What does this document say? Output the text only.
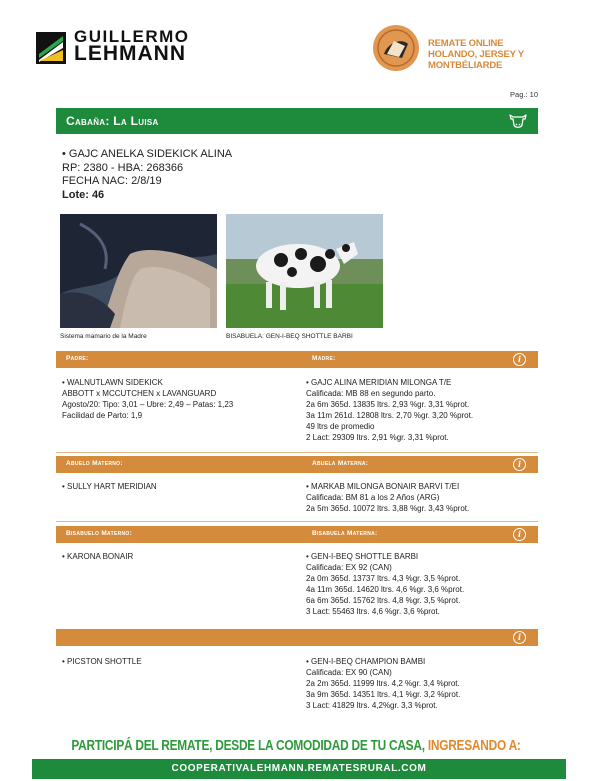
GUILLERMO
LEHMANN	REMATE ONLINE
HOLANDO, JERSEY Y MONTBÉLIARDE
Pag.: 10
Cabaña: La Luisa
• GAJC ANELKA SIDEKICK ALINA
RP: 2380 - HBA: 268366
FECHA NAC: 2/8/19
Lote: 46
Sistema mamario de la Madre	BISABUELA: GEN-I-BEQ SHOTTLE BARBI
Padre:	Madre:	i
• WALNUTLAWN SIDEKICK
ABBOTT x MCCUTCHEN x LAVANGUARD
Agosto/20: Tipo: 3,01 – Ubre: 2,49 – Patas: 1,23
Facilidad de Parto: 1,9
• GAJC ALINA MERIDIAN MILONGA T/E
Calificada: MB 88 en segundo parto.
2a 6m 365d. 13835 ltrs. 2,93 %gr. 3,31 %prot.
3a 11m 261d. 12808 ltrs. 2,70 %gr. 3,20 %prot.
49 ltrs de promedio
2 Lact: 29309 ltrs. 2,91 %gr. 3,31 %prot.
Abuelo Materno:	Abuela Materna:	i
• SULLY HART MERIDIAN	• MARKAB MILONGA BONAIR BARVI T/EI
Calificada: BM 81 a los 2 Años (ARG)
2a 5m 365d. 10072 ltrs. 3,88 %gr. 3,43 %prot.
Bisabuelo Materno:	Bisabuela Materna:	i
• KARONA BONAIR	• GEN-I-BEQ SHOTTLE BARBI
Calificada: EX 92 (CAN)
2a 0m 365d. 13737 ltrs. 4,3 %gr. 3,5 %prot.
4a 11m 365d. 14620 ltrs. 4,6 %gr. 3,6 %prot.
6a 6m 365d. 15762 ltrs. 4,8 %gr. 3,5 %prot.
3 Lact: 55463 ltrs. 4,6 %gr. 3,6 %prot.
i
• PICSTON SHOTTLE	• GEN-I-BEQ CHAMPION BAMBI
Calificada: EX 90 (CAN)
2a 2m 365d. 11999 ltrs. 4,2 %gr. 3,4 %prot.
3a 9m 365d. 14351 ltrs. 4,1 %gr. 3,2 %prot.
3 Lact: 41829 ltrs. 4,2%gr. 3,3 %prot.
PARTICIPÁ DEL REMATE, DESDE LA COMODIDAD DE TU CASA, INGRESANDO A:
COOPERATIVALEHMANN.REMATESRURAL.COM
